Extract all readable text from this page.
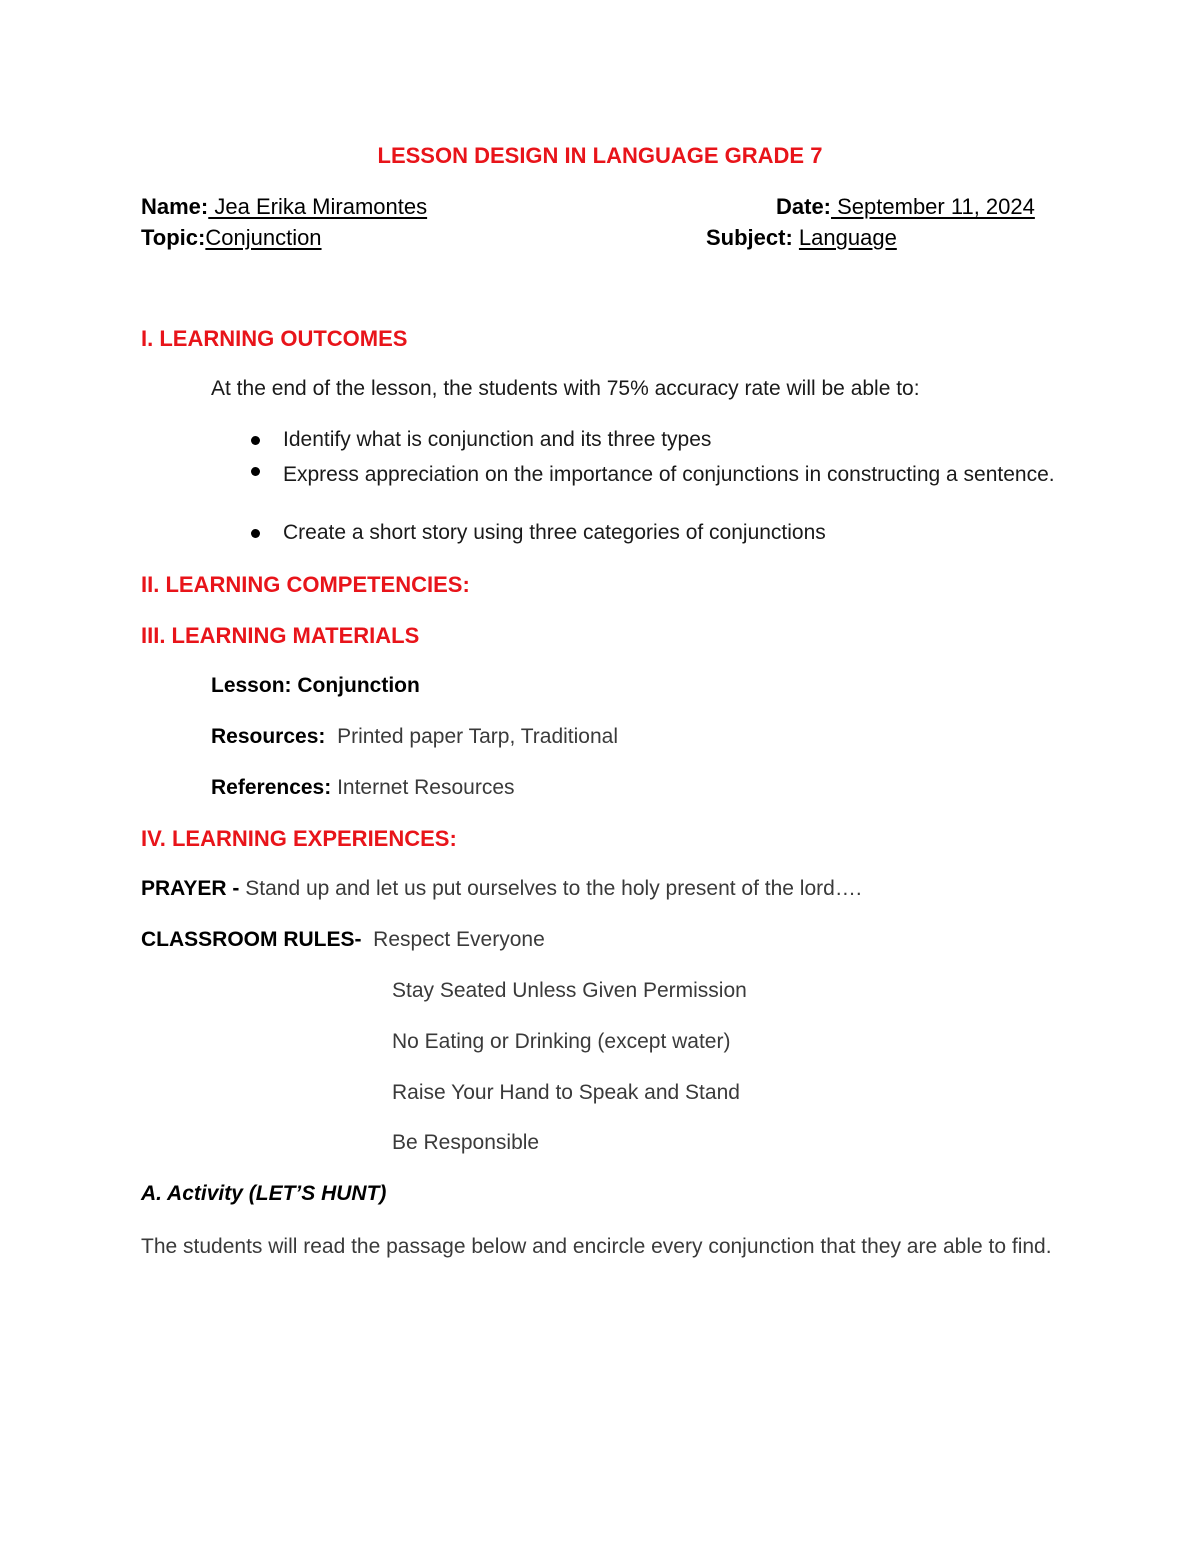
LESSON DESIGN IN LANGUAGE GRADE 7
Name: Jea Erika Miramontes	Date: September 11, 2024
Topic:Conjunction	Subject: Language
I. LEARNING OUTCOMES
At the end of the lesson, the students with 75% accuracy rate will be able to:
Identify what is conjunction and its three types
Express appreciation on the importance of conjunctions in constructing a sentence.
Create a short story using three categories of conjunctions
II. LEARNING COMPETENCIES:
III. LEARNING MATERIALS
Lesson: Conjunction
Resources: Printed paper Tarp, Traditional
References: Internet Resources
IV. LEARNING EXPERIENCES:
PRAYER - Stand up and let us put ourselves to the holy present of the lord….
CLASSROOM RULES- Respect Everyone
Stay Seated Unless Given Permission
No Eating or Drinking (except water)
Raise Your Hand to Speak and Stand
Be Responsible
A. Activity (LET’S HUNT)
The students will read the passage below and encircle every conjunction that they are able to find.
